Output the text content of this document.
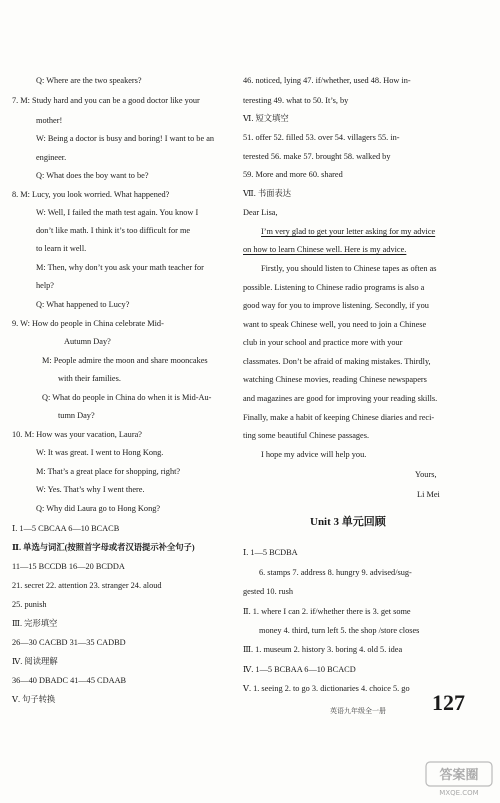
Q: Where are the two speakers?
7. M: Study hard and you can be a good doctor like your
mother!
W: Being a doctor is busy and boring! I want to be an
engineer.
Q: What does the boy want to be?
8. M: Lucy, you look worried. What happened?
W: Well, I failed the math test again. You know I
don’t like math. I think it’s too difficult for me
to learn it well.
M: Then, why don’t you ask your math teacher for
help?
Q: What happened to Lucy?
9. W: How do people in China celebrate Mid-
Autumn Day?
M: People admire the moon and share mooncakes
with their families.
Q: What do people in China do when it is Mid-Au-
tumn Day?
10. M: How was your vacation, Laura?
W: It was great. I went to Hong Kong.
M: That’s a great place for shopping, right?
W: Yes. That’s why I went there.
Q: Why did Laura go to Hong Kong?
Ⅰ. 1—5 CBCAA 6—10 BCACB
Ⅱ. 单选与词汇(按照首字母或者汉语提示补全句子)
11—15 BCCDB 16—20 BCDDA
21. secret 22. attention 23. stranger 24. aloud
25. punish
Ⅲ. 完形填空
26—30 CACBD 31—35 CADBD
Ⅳ. 阅读理解
36—40 DBADC 41—45 CDAAB
Ⅴ. 句子转换
46. noticed, lying 47. if/whether, used 48. How in-
teresting 49. what to 50. It’s, by
Ⅵ. 短文填空
51. offer 52. filled 53. over 54. villagers 55. in-
terested 56. make 57. brought 58. walked by
59. More and more 60. shared
Ⅶ. 书面表达
Dear Lisa,
I’m very glad to get your letter asking for my advice
on how to learn Chinese well. Here is my advice.
Firstly, you should listen to Chinese tapes as often as
possible. Listening to Chinese radio programs is also a
good way for you to improve listening. Secondly, if you
want to speak Chinese well, you need to join a Chinese
club in your school and practice more with your
classmates. Don’t be afraid of making mistakes. Thirdly,
watching Chinese movies, reading Chinese newspapers
and magazines are good for improving your reading skills.
Finally, make a habit of keeping Chinese diaries and reci-
ting some beautiful Chinese passages.
I hope my advice will help you.
Yours,
Li Mei
Unit 3 单元回顾
Ⅰ. 1—5 BCDBA
6. stamps 7. address 8. hungry 9. advised/sug-
gested 10. rush
Ⅱ. 1. where I can 2. if/whether there is 3. get some
money 4. third, turn left 5. the shop /store closes
Ⅲ. 1. museum 2. history 3. boring 4. old 5. idea
Ⅳ. 1—5 BCBAA 6—10 BCACD
Ⅴ. 1. seeing 2. to go 3. dictionaries 4. choice 5. go
英语九年级全一册 127
答案圈
MXQE.COM
